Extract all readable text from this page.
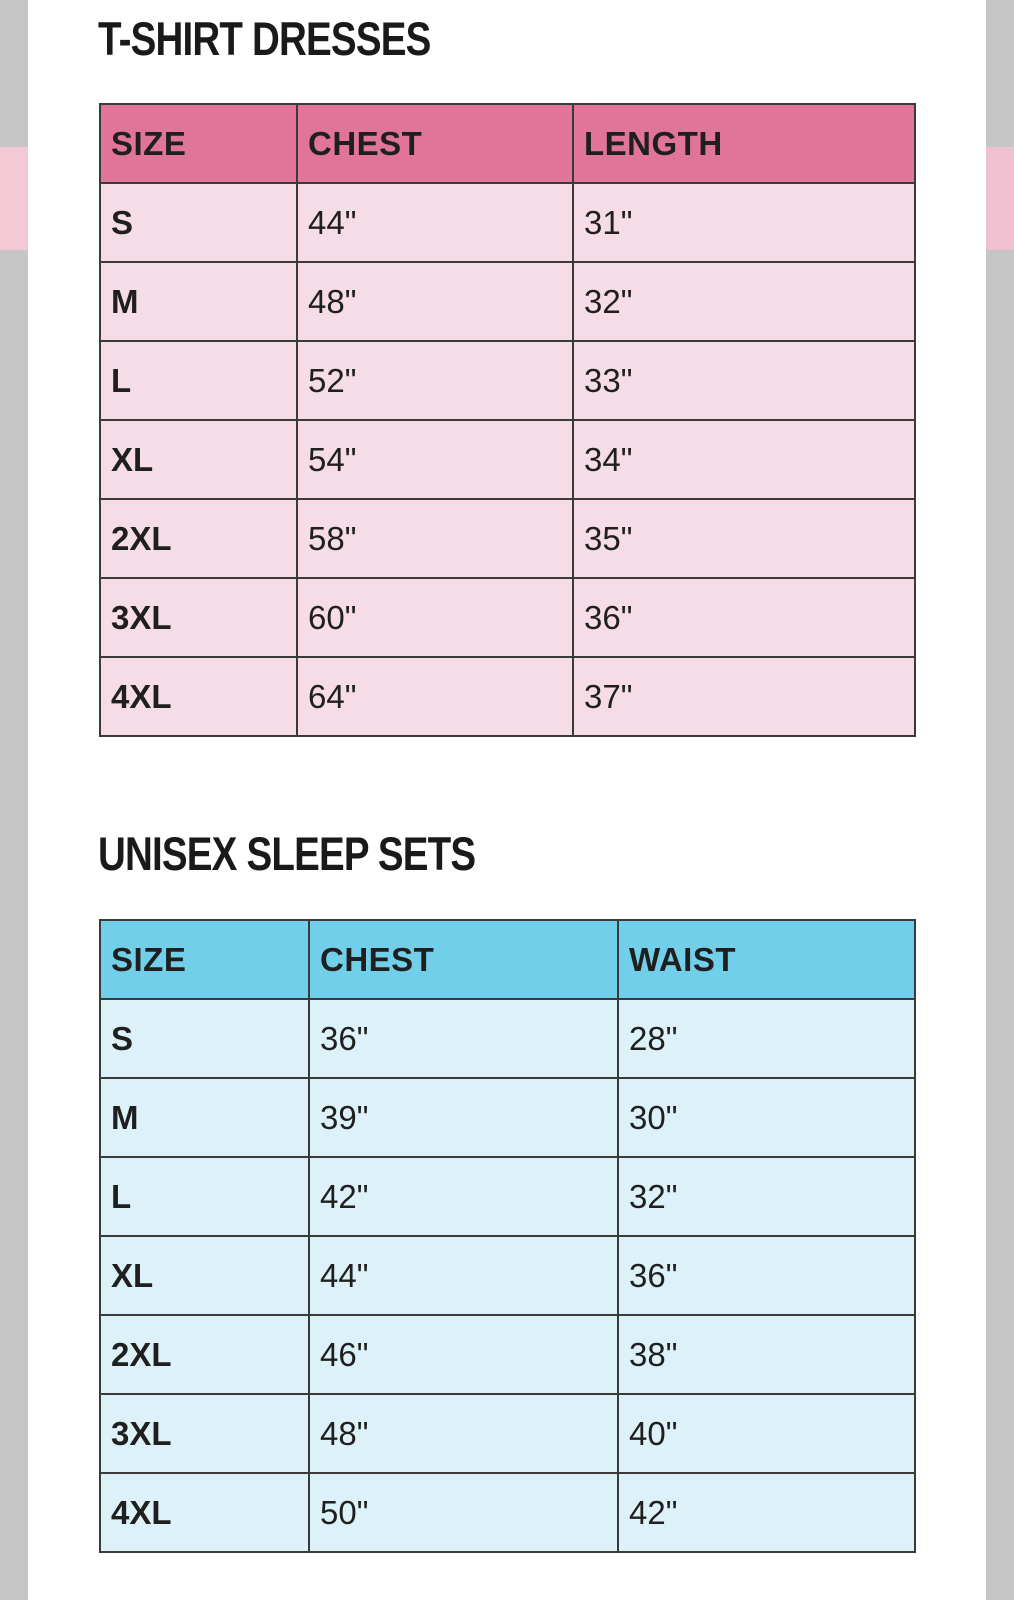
T-SHIRT DRESSES
SIZE	CHEST	LENGTH
S	44"	31"
M	48"	32"
L	52"	33"
XL	54"	34"
2XL	58"	35"
3XL	60"	36"
4XL	64"	37"
UNISEX SLEEP SETS
SIZE	CHEST	WAIST
S	36"	28"
M	39"	30"
L	42"	32"
XL	44"	36"
2XL	46"	38"
3XL	48"	40"
4XL	50"	42"
